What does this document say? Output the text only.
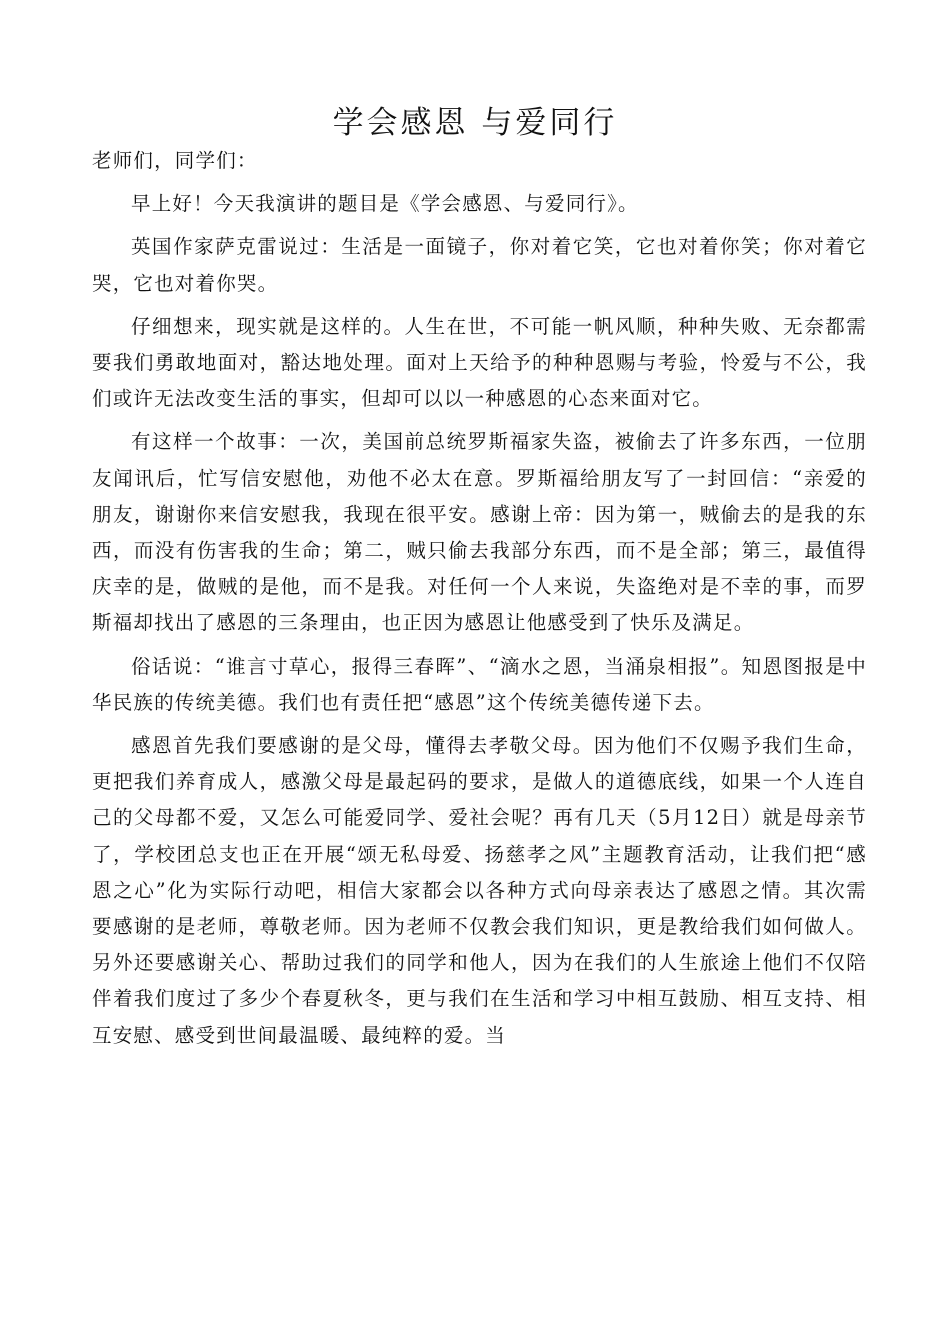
学会感恩 与爱同行

老师们，同学们：

早上好！今天我演讲的题目是《学会感恩、与爱同行》。

英国作家萨克雷说过：生活是一面镜子，你对着它笑，它也对着你笑；你对着它哭，它也对着你哭。

仔细想来，现实就是这样的。人生在世，不可能一帆风顺，种种失败、无奈都需要我们勇敢地面对，豁达地处理。面对上天给予的种种恩赐与考验，怜爱与不公，我们或许无法改变生活的事实，但却可以以一种感恩的心态来面对它。

有这样一个故事：一次，美国前总统罗斯福家失盗，被偷去了许多东西，一位朋友闻讯后，忙写信安慰他，劝他不必太在意。罗斯福给朋友写了一封回信：“亲爱的朋友，谢谢你来信安慰我，我现在很平安。感谢上帝：因为第一，贼偷去的是我的东西，而没有伤害我的生命；第二，贼只偷去我部分东西，而不是全部；第三，最值得庆幸的是，做贼的是他，而不是我。对任何一个人来说，失盗绝对是不幸的事，而罗斯福却找出了感恩的三条理由，也正因为感恩让他感受到了快乐及满足。

俗话说：“谁言寸草心，报得三春晖”、“滴水之恩，当涌泉相报”。知恩图报是中华民族的传统美德。我们也有责任把“感恩”这个传统美德传递下去。

感恩首先我们要感谢的是父母，懂得去孝敬父母。因为他们不仅赐予我们生命，更把我们养育成人，感激父母是最起码的要求，是做人的道德底线，如果一个人连自己的父母都不爱，又怎么可能爱同学、爱社会呢？再有几天（5月12日）就是母亲节了，学校团总支也正在开展“颂无私母爱、扬慈孝之风”主题教育活动，让我们把“感恩之心”化为实际行动吧，相信大家都会以各种方式向母亲表达了感恩之情。其次需要感谢的是老师，尊敬老师。因为老师不仅教会我们知识，更是教给我们如何做人。另外还要感谢关心、帮助过我们的同学和他人，因为在我们的人生旅途上他们不仅陪伴着我们度过了多少个春夏秋冬，更与我们在生活和学习中相互鼓励、相互支持、相互安慰、感受到世间最温暖、最纯粹的爱。当
